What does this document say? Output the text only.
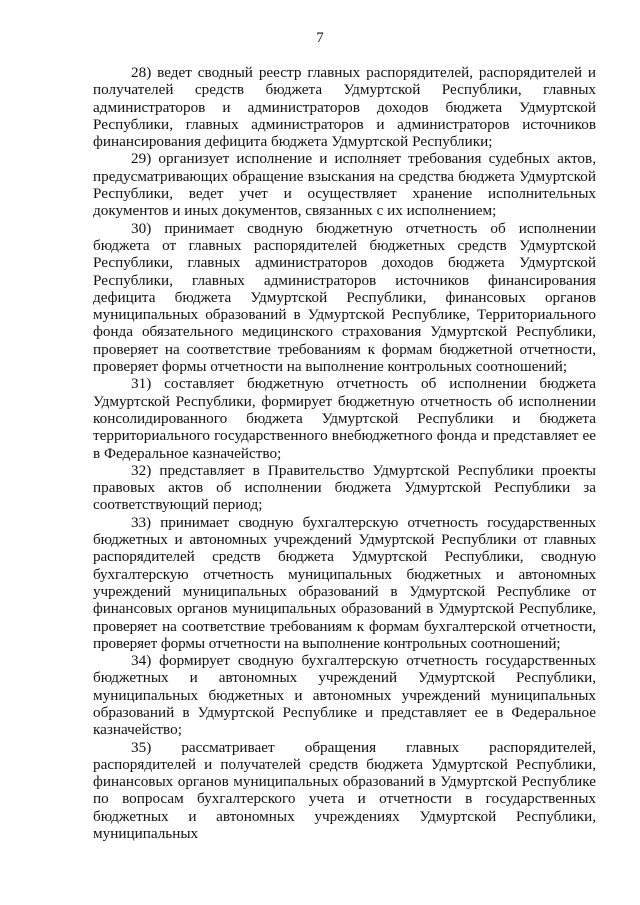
7

28) ведет сводный реестр главных распорядителей, распорядителей и получателей средств бюджета Удмуртской Республики, главных администраторов и администраторов доходов бюджета Удмуртской Республики, главных администраторов и администраторов источников финансирования дефицита бюджета Удмуртской Республики;

29) организует исполнение и исполняет требования судебных актов, предусматривающих обращение взыскания на средства бюджета Удмуртской Республики, ведет учет и осуществляет хранение исполнительных документов и иных документов, связанных с их исполнением;

30) принимает сводную бюджетную отчетность об исполнении бюджета от главных распорядителей бюджетных средств Удмуртской Республики, главных администраторов доходов бюджета Удмуртской Республики, главных администраторов источников финансирования дефицита бюджета Удмуртской Республики, финансовых органов муниципальных образований в Удмуртской Республике, Территориального фонда обязательного медицинского страхования Удмуртской Республики, проверяет на соответствие требованиям к формам бюджетной отчетности, проверяет формы отчетности на выполнение контрольных соотношений;

31) составляет бюджетную отчетность об исполнении бюджета Удмуртской Республики, формирует бюджетную отчетность об исполнении консолидированного бюджета Удмуртской Республики и бюджета территориального государственного внебюджетного фонда и представляет ее в Федеральное казначейство;

32) представляет в Правительство Удмуртской Республики проекты правовых актов об исполнении бюджета Удмуртской Республики за соответствующий период;

33) принимает сводную бухгалтерскую отчетность государственных бюджетных и автономных учреждений Удмуртской Республики от главных распорядителей средств бюджета Удмуртской Республики, сводную бухгалтерскую отчетность муниципальных бюджетных и автономных учреждений муниципальных образований в Удмуртской Республике от финансовых органов муниципальных образований в Удмуртской Республике, проверяет на соответствие требованиям к формам бухгалтерской отчетности, проверяет формы отчетности на выполнение контрольных соотношений;

34) формирует сводную бухгалтерскую отчетность государственных бюджетных и автономных учреждений Удмуртской Республики, муниципальных бюджетных и автономных учреждений муниципальных образований в Удмуртской Республике и представляет ее в Федеральное казначейство;

35) рассматривает обращения главных распорядителей, распорядителей и получателей средств бюджета Удмуртской Республики, финансовых органов муниципальных образований в Удмуртской Республике по вопросам бухгалтерского учета и отчетности в государственных бюджетных и автономных учреждениях Удмуртской Республики, муниципальных
